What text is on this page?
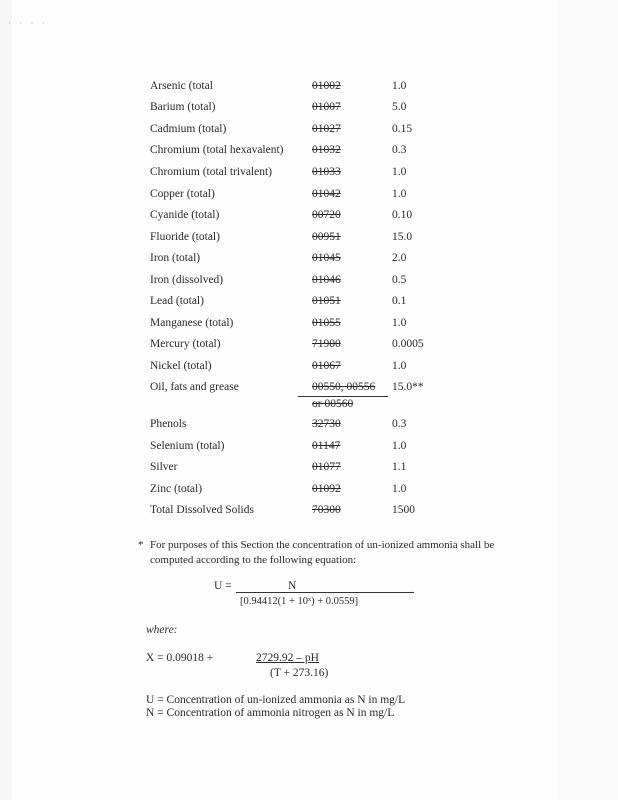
· · · ·
Arsenic (total	01002	1.0
Barium (total)	01007	5.0
Cadmium (total)	01027	0.15
Chromium (total hexavalent) 01032	0.3
Chromium (total trivalent)	01033	1.0
Copper (total)	01042	1.0
Cyanide (total)	00720	0.10
Fluoride (total)	00951	15.0
Iron (total)	01045	2.0
Iron (dissolved)	01046	0.5
Lead (total)	01051	0.1
Manganese (total)	01055	1.0
Mercury (total)	71900	0.0005
Nickel (total)	01067	1.0
Oil, fats and grease	00550, 00556 15.0**
or 00560
Phenols	32730	0.3
Selenium (total)	01147	1.0
Silver	01077	1.1
Zinc (total)	01092	1.0
Total Dissolved Solids	70300	1500
* For purposes of this Section the concentration of un-ionized ammonia shall be computed according to the following equation:
U =	N
[0.94412(1 + 10ˣ) + 0.0559]
.
where:
X = 0.09018 +	2729.92 – pH
(T + 273.16)
U = Concentration of un-ionized ammonia as N in mg/L
N = Concentration of ammonia nitrogen as N in mg/L
